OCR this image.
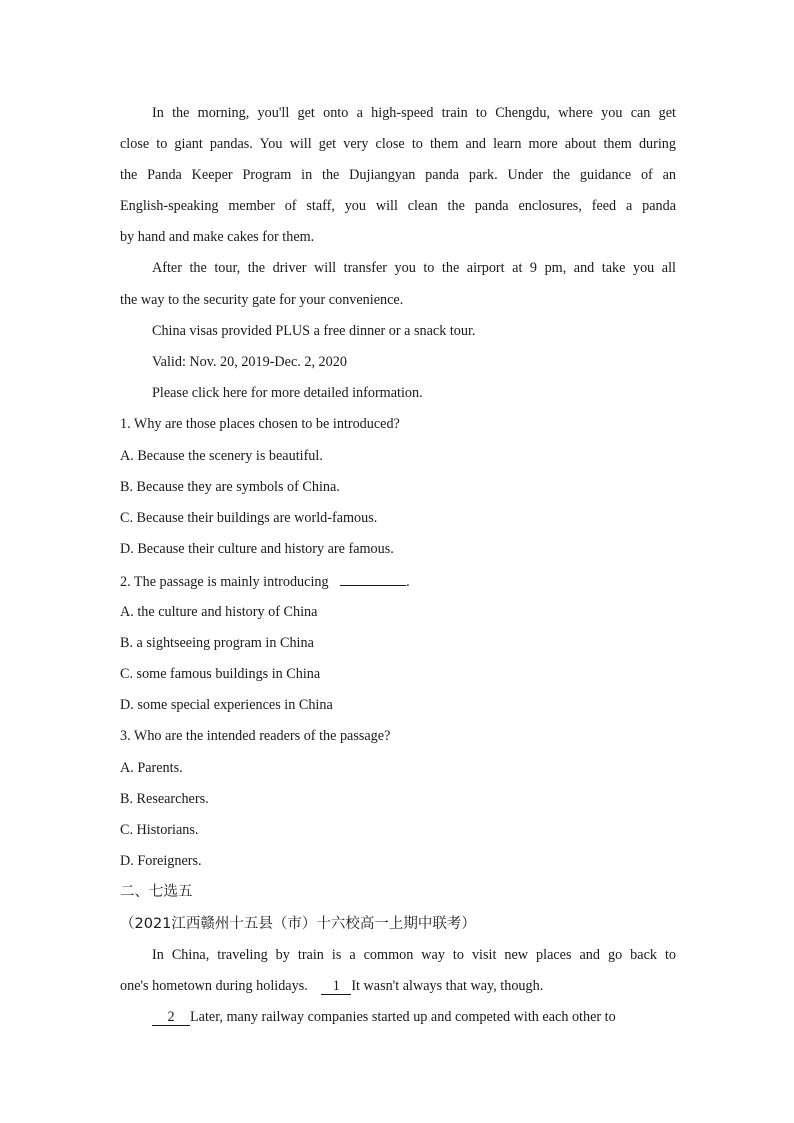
In the morning, you'll get onto a high-speed train to Chengdu, where you can get
close to giant pandas. You will get very close to them and learn more about them during
the Panda Keeper Program in the Dujiangyan panda park. Under the guidance of an
English-speaking member of staff, you will clean the panda enclosures, feed a panda
by hand and make cakes for them.
After the tour, the driver will transfer you to the airport at 9 pm, and take you all
the way to the security gate for your convenience.
China visas provided PLUS a free dinner or a snack tour.
Valid: Nov. 20, 2019-Dec. 2, 2020
Please click here for more detailed information.
1. Why are those places chosen to be introduced?
A. Because the scenery is beautiful.
B. Because they are symbols of China.
C. Because their buildings are world-famous.
D. Because their culture and history are famous.
2. The passage is mainly introducing	.
A. the culture and history of China
B. a sightseeing program in China
C. some famous buildings in China
D. some special experiences in China
3. Who are the intended readers of the passage?
A. Parents.
B. Researchers.
C. Historians.
D. Foreigners.
二、七选五
（2021江西赣州十五县（市）十六校高一上期中联考）
In China, traveling by train is a common way to visit new places and go back to
one's hometown during holidays. 1 It wasn't always that way, though.
2 Later, many railway companies started up and competed with each other to
